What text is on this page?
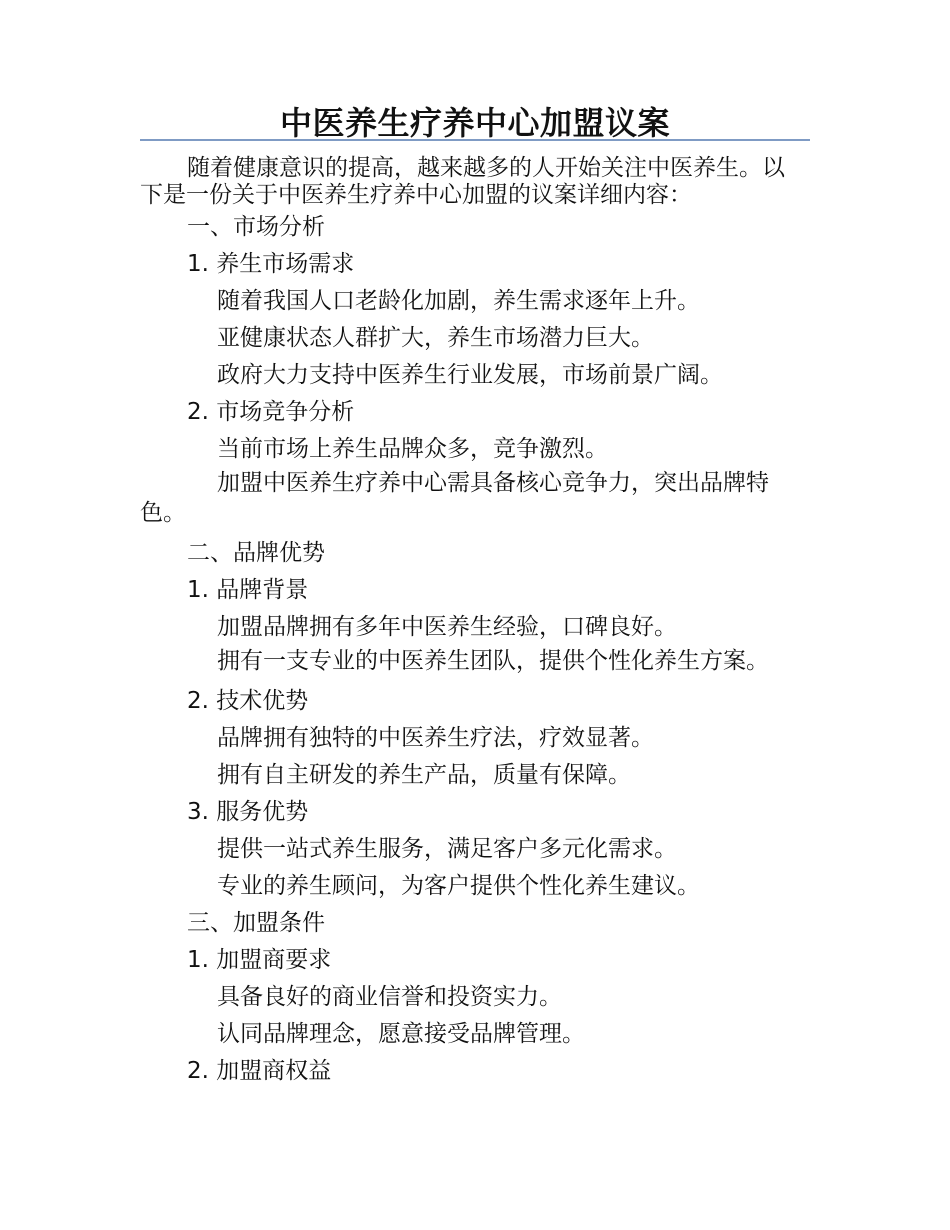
中医养生疗养中心加盟议案

随着健康意识的提高，越来越多的人开始关注中医养生。以下是一份关于中医养生疗养中心加盟的议案详细内容：

一、市场分析

1. 养生市场需求

随着我国人口老龄化加剧，养生需求逐年上升。

亚健康状态人群扩大，养生市场潜力巨大。

政府大力支持中医养生行业发展，市场前景广阔。

2. 市场竞争分析

当前市场上养生品牌众多，竞争激烈。

加盟中医养生疗养中心需具备核心竞争力，突出品牌特色。

二、品牌优势

1. 品牌背景

加盟品牌拥有多年中医养生经验，口碑良好。

拥有一支专业的中医养生团队，提供个性化养生方案。

2. 技术优势

品牌拥有独特的中医养生疗法，疗效显著。

拥有自主研发的养生产品，质量有保障。

3. 服务优势

提供一站式养生服务，满足客户多元化需求。

专业的养生顾问，为客户提供个性化养生建议。

三、加盟条件

1. 加盟商要求

具备良好的商业信誉和投资实力。

认同品牌理念，愿意接受品牌管理。

2. 加盟商权益
